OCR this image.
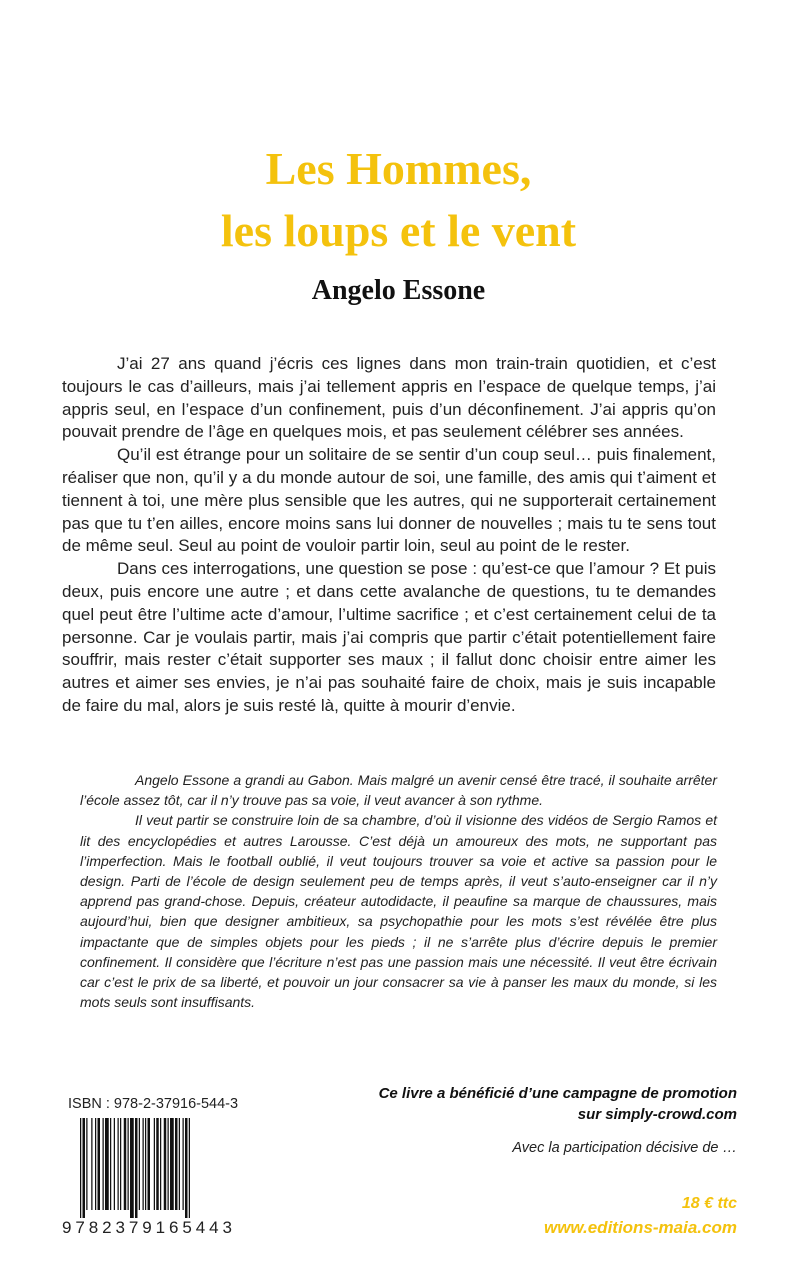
Les Hommes,
les loups et le vent
Angelo Essone

J’ai 27 ans quand j’écris ces lignes dans mon train-train quotidien, et c’est toujours le cas d’ailleurs, mais j’ai tellement appris en l’espace de quelque temps, j’ai appris seul, en l’espace d’un confinement, puis d’un déconfinement. J’ai appris qu’on pouvait prendre de l’âge en quelques mois, et pas seulement célébrer ses années.

Qu’il est étrange pour un solitaire de se sentir d’un coup seul… puis finalement, réaliser que non, qu’il y a du monde autour de soi, une famille, des amis qui t’aiment et tiennent à toi, une mère plus sensible que les autres, qui ne supporterait certainement pas que tu t’en ailles, encore moins sans lui donner de nouvelles ; mais tu te sens tout de même seul. Seul au point de vouloir partir loin, seul au point de le rester.

Dans ces interrogations, une question se pose : qu’est-ce que l’amour ? Et puis deux, puis encore une autre ; et dans cette avalanche de questions, tu te demandes quel peut être l’ultime acte d’amour, l’ultime sacrifice ; et c’est certainement celui de ta personne. Car je voulais partir, mais j’ai compris que partir c’était potentiellement faire souffrir, mais rester c’était supporter ses maux ; il fallut donc choisir entre aimer les autres et aimer ses envies, je n’ai pas souhaité faire de choix, mais je suis incapable de faire du mal, alors je suis resté là, quitte à mourir d’envie.

Angelo Essone a grandi au Gabon. Mais malgré un avenir censé être tracé, il souhaite arrêter l’école assez tôt, car il n’y trouve pas sa voie, il veut avancer à son rythme.

Il veut partir se construire loin de sa chambre, d’où il visionne des vidéos de Sergio Ramos et lit des encyclopédies et autres Larousse. C’est déjà un amoureux des mots, ne supportant pas l’imperfection. Mais le football oublié, il veut toujours trouver sa voie et active sa passion pour le design. Parti de l’école de design seulement peu de temps après, il veut s’auto-enseigner car il n’y apprend pas grand-chose. Depuis, créateur autodidacte, il peaufine sa marque de chaussures, mais aujourd’hui, bien que designer ambitieux, sa psychopathie pour les mots s’est révélée être plus impactante que de simples objets pour les pieds ; il ne s’arrête plus d’écrire depuis le premier confinement. Il considère que l’écriture n’est pas une passion mais une nécessité. Il veut être écrivain car c’est le prix de sa liberté, et pouvoir un jour consacrer sa vie à panser les maux du monde, si les mots seuls sont insuffisants.

ISBN : 978-2-37916-544-3
9 7 8 2 3 7 9 1 6 5 4 4 3
Ce livre a bénéficié d’une campagne de promotion
sur simply-crowd.com
Avec la participation décisive de …
18 € ttc
www.editions-maia.com
